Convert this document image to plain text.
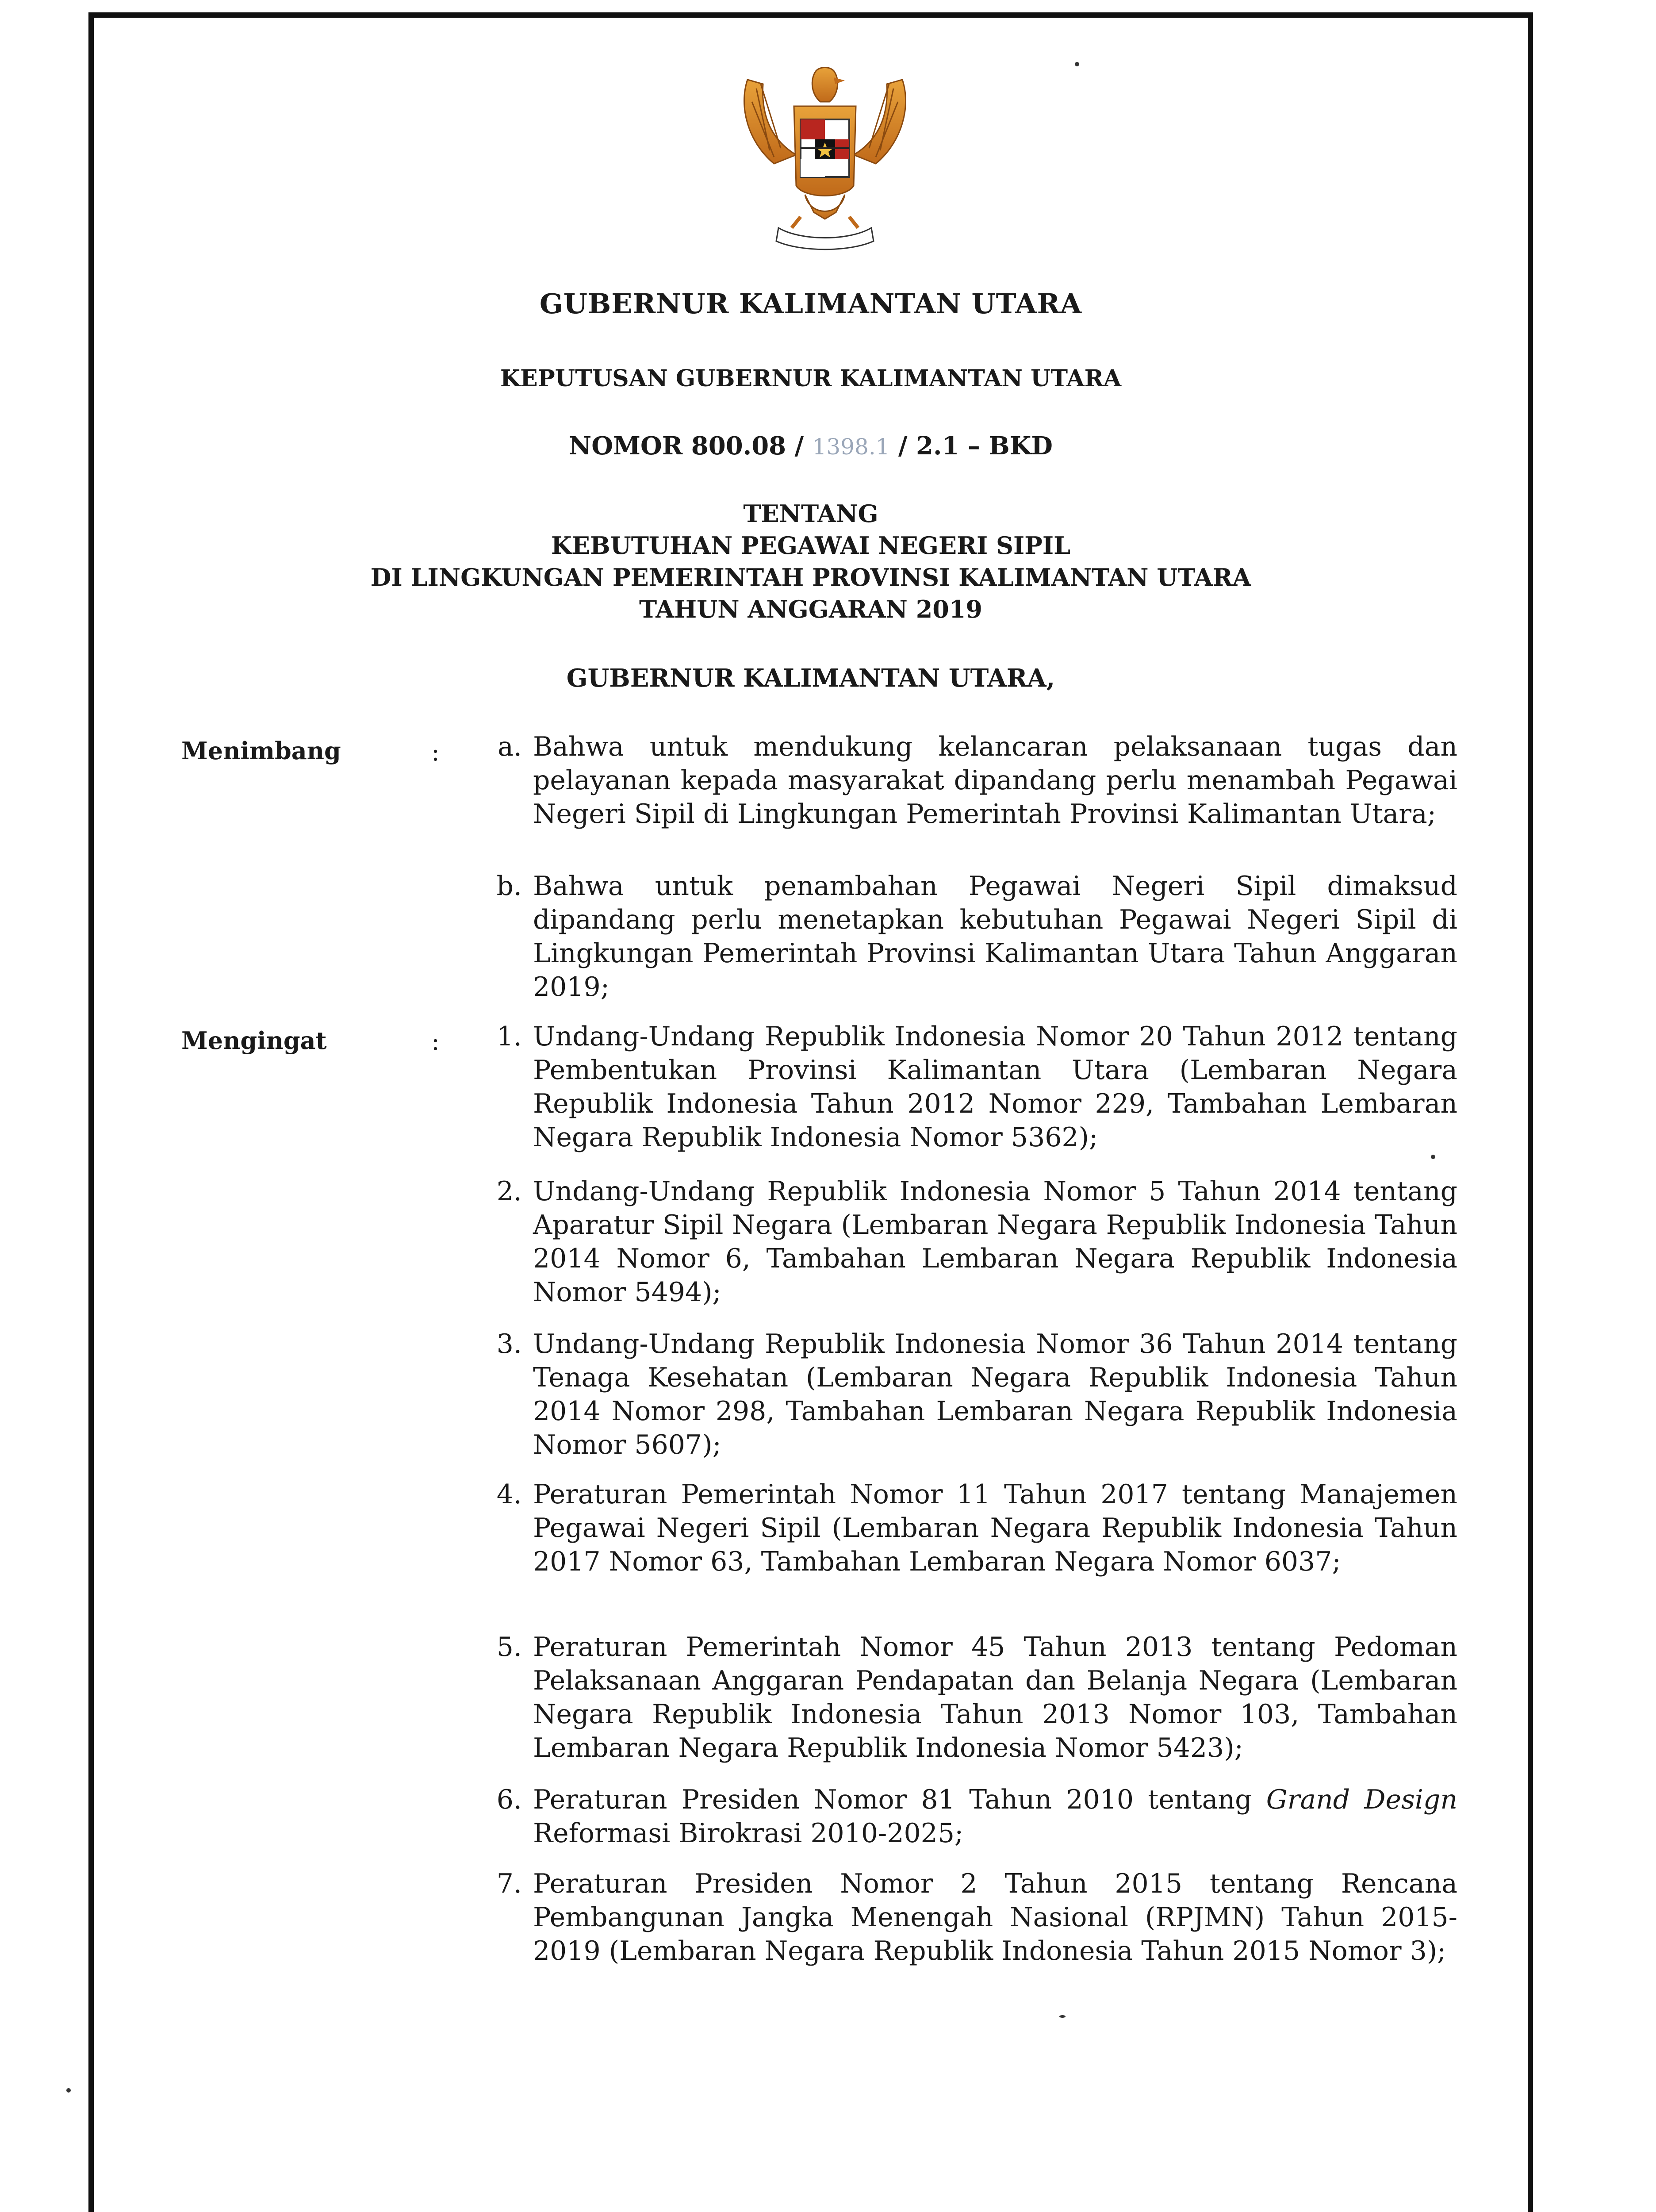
GUBERNUR KALIMANTAN UTARA
KEPUTUSAN GUBERNUR KALIMANTAN UTARA
NOMOR 800.08 / 1398.1 / 2.1 – BKD
TENTANG
KEBUTUHAN PEGAWAI NEGERI SIPIL
DI LINGKUNGAN PEMERINTAH PROVINSI KALIMANTAN UTARA
TAHUN ANGGARAN 2019
GUBERNUR KALIMANTAN UTARA,
Menimbang	:	a. Bahwa untuk mendukung kelancaran pelaksanaan tugas dan pelayanan kepada masyarakat dipandang perlu menambah Pegawai Negeri Sipil di Lingkungan Pemerintah Provinsi Kalimantan Utara;
b. Bahwa untuk penambahan Pegawai Negeri Sipil dimaksud dipandang perlu menetapkan kebutuhan Pegawai Negeri Sipil di Lingkungan Pemerintah Provinsi Kalimantan Utara Tahun Anggaran 2019;
Mengingat	:	1. Undang-Undang Republik Indonesia Nomor 20 Tahun 2012 tentang Pembentukan Provinsi Kalimantan Utara (Lembaran Negara Republik Indonesia Tahun 2012 Nomor 229, Tambahan Lembaran Negara Republik Indonesia Nomor 5362);
2. Undang-Undang Republik Indonesia Nomor 5 Tahun 2014 tentang Aparatur Sipil Negara (Lembaran Negara Republik Indonesia Tahun 2014 Nomor 6, Tambahan Lembaran Negara Republik Indonesia Nomor 5494);
3. Undang-Undang Republik Indonesia Nomor 36 Tahun 2014 tentang Tenaga Kesehatan (Lembaran Negara Republik Indonesia Tahun 2014 Nomor 298, Tambahan Lembaran Negara Republik Indonesia Nomor 5607);
4. Peraturan Pemerintah Nomor 11 Tahun 2017 tentang Manajemen Pegawai Negeri Sipil (Lembaran Negara Republik Indonesia Tahun 2017 Nomor 63, Tambahan Lembaran Negara Nomor 6037;
5. Peraturan Pemerintah Nomor 45 Tahun 2013 tentang Pedoman Pelaksanaan Anggaran Pendapatan dan Belanja Negara (Lembaran Negara Republik Indonesia Tahun 2013 Nomor 103, Tambahan Lembaran Negara Republik Indonesia Nomor 5423);
6. Peraturan Presiden Nomor 81 Tahun 2010 tentang Grand Design Reformasi Birokrasi 2010-2025;
7. Peraturan Presiden Nomor 2 Tahun 2015 tentang Rencana Pembangunan Jangka Menengah Nasional (RPJMN) Tahun 2015-2019 (Lembaran Negara Republik Indonesia Tahun 2015 Nomor 3);
